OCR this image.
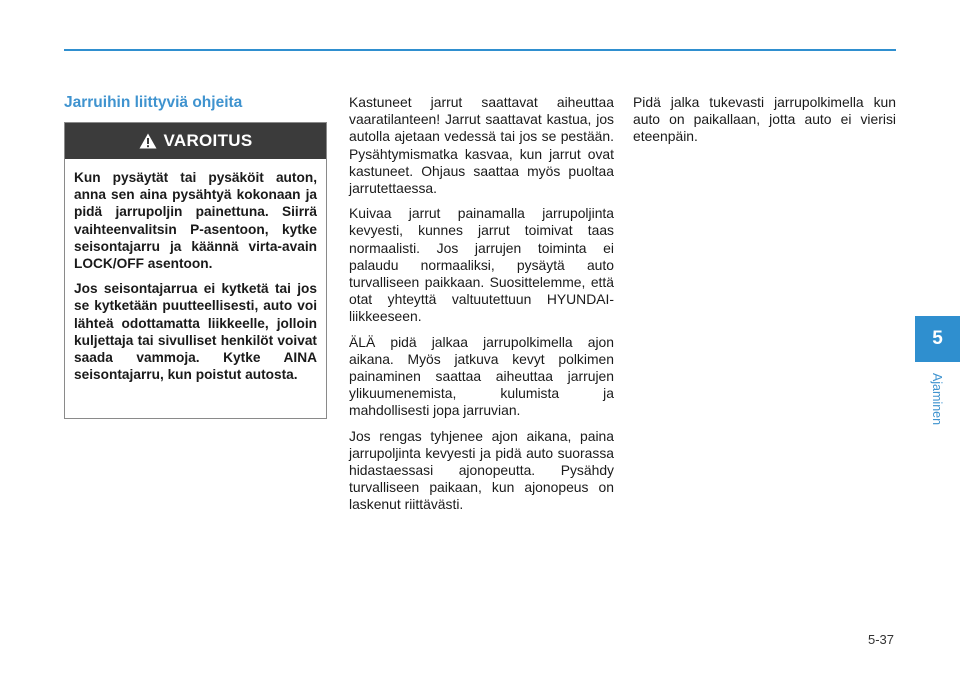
Jarruihin liittyviä ohjeita
VAROITUS

Kun pysäytät tai pysäköit auton, anna sen aina pysähtyä kokonaan ja pidä jarrupoljin painettuna. Siirrä vaihteenvalitsin P-asentoon, kytke seisontajarru ja käännä virta-avain LOCK/OFF asentoon.

Jos seisontajarrua ei kytketä tai jos se kytketään puutteellisesti, auto voi lähteä odottamatta liikkeelle, jolloin kuljettaja tai sivulliset henkilöt voivat saada vammoja. Kytke AINA seisontajarru, kun poistut autosta.

Kastuneet jarrut saattavat aiheuttaa vaaratilanteen! Jarrut saattavat kastua, jos autolla ajetaan vedessä tai jos se pestään. Pysähtymismatka kasvaa, kun jarrut ovat kastuneet. Ohjaus saattaa myös puoltaa jarrutettaessa.

Kuivaa jarrut painamalla jarrupoljinta kevyesti, kunnes jarrut toimivat taas normaalisti. Jos jarrujen toiminta ei palaudu normaaliksi, pysäytä auto turvalliseen paikkaan. Suosittelemme, että otat yhteyttä valtuutettuun HYUNDAI-liikkeeseen.

ÄLÄ pidä jalkaa jarrupolkimella ajon aikana. Myös jatkuva kevyt polkimen painaminen saattaa aiheuttaa jarrujen ylikuumenemista, kulumista ja mahdollisesti jopa jarruvian.

Jos rengas tyhjenee ajon aikana, paina jarrupoljinta kevyesti ja pidä auto suorassa hidastaessasi ajonopeutta. Pysähdy turvalliseen paikaan, kun ajonopeus on laskenut riittävästi.

Pidä jalka tukevasti jarrupolkimella kun auto on paikallaan, jotta auto ei vierisi eteenpäin.

5
Ajaminen
5-37
